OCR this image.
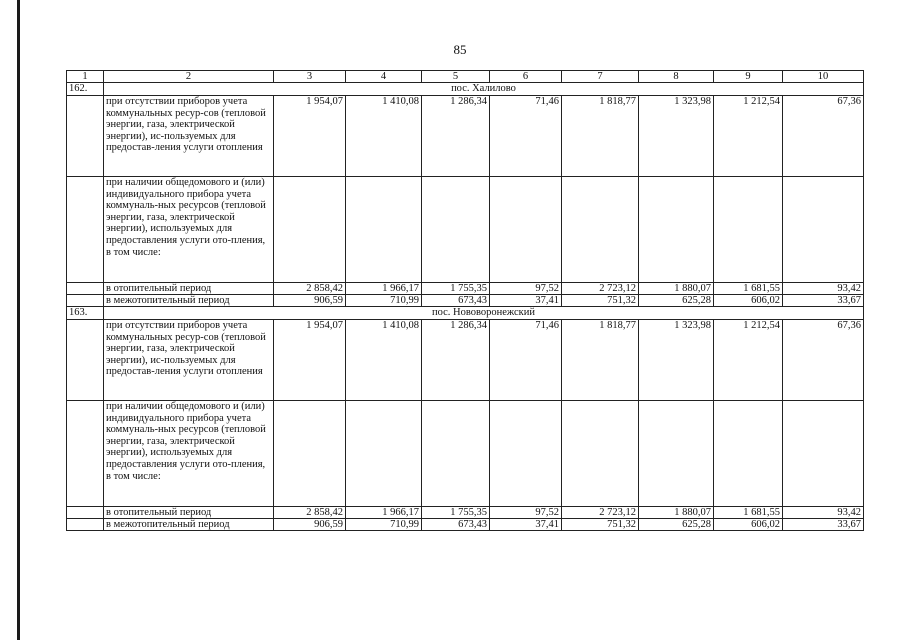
85
1	2	3	4	5	6	7	8	9	10
162.	пос. Халилово								
	при отсутствии приборов учета коммунальных ресур-сов (тепловой энергии, газа, электрической энергии), ис-пользуемых для предостав-ления услуги отопления	1 954,07	1 410,08	1 286,34	71,46	1 818,77	1 323,98	1 212,54	67,36
	при наличии общедомового и (или) индивидуального прибора учета коммуналь-ных ресурсов (тепловой энергии, газа, электрической энергии), используемых для предоставления услуги ото-пления, в том числе:								
	в отопительный период	2 858,42	1 966,17	1 755,35	97,52	2 723,12	1 880,07	1 681,55	93,42
	в межотопительный период	906,59	710,99	673,43	37,41	751,32	625,28	606,02	33,67
163.	пос. Нововоронежский								
	при отсутствии приборов учета коммунальных ресур-сов (тепловой энергии, газа, электрической энергии), ис-пользуемых для предостав-ления услуги отопления	1 954,07	1 410,08	1 286,34	71,46	1 818,77	1 323,98	1 212,54	67,36
	при наличии общедомового и (или) индивидуального прибора учета коммуналь-ных ресурсов (тепловой энергии, газа, электрической энергии), используемых для предоставления услуги ото-пления, в том числе:								
	в отопительный период	2 858,42	1 966,17	1 755,35	97,52	2 723,12	1 880,07	1 681,55	93,42
	в межотопительный период	906,59	710,99	673,43	37,41	751,32	625,28	606,02	33,67
